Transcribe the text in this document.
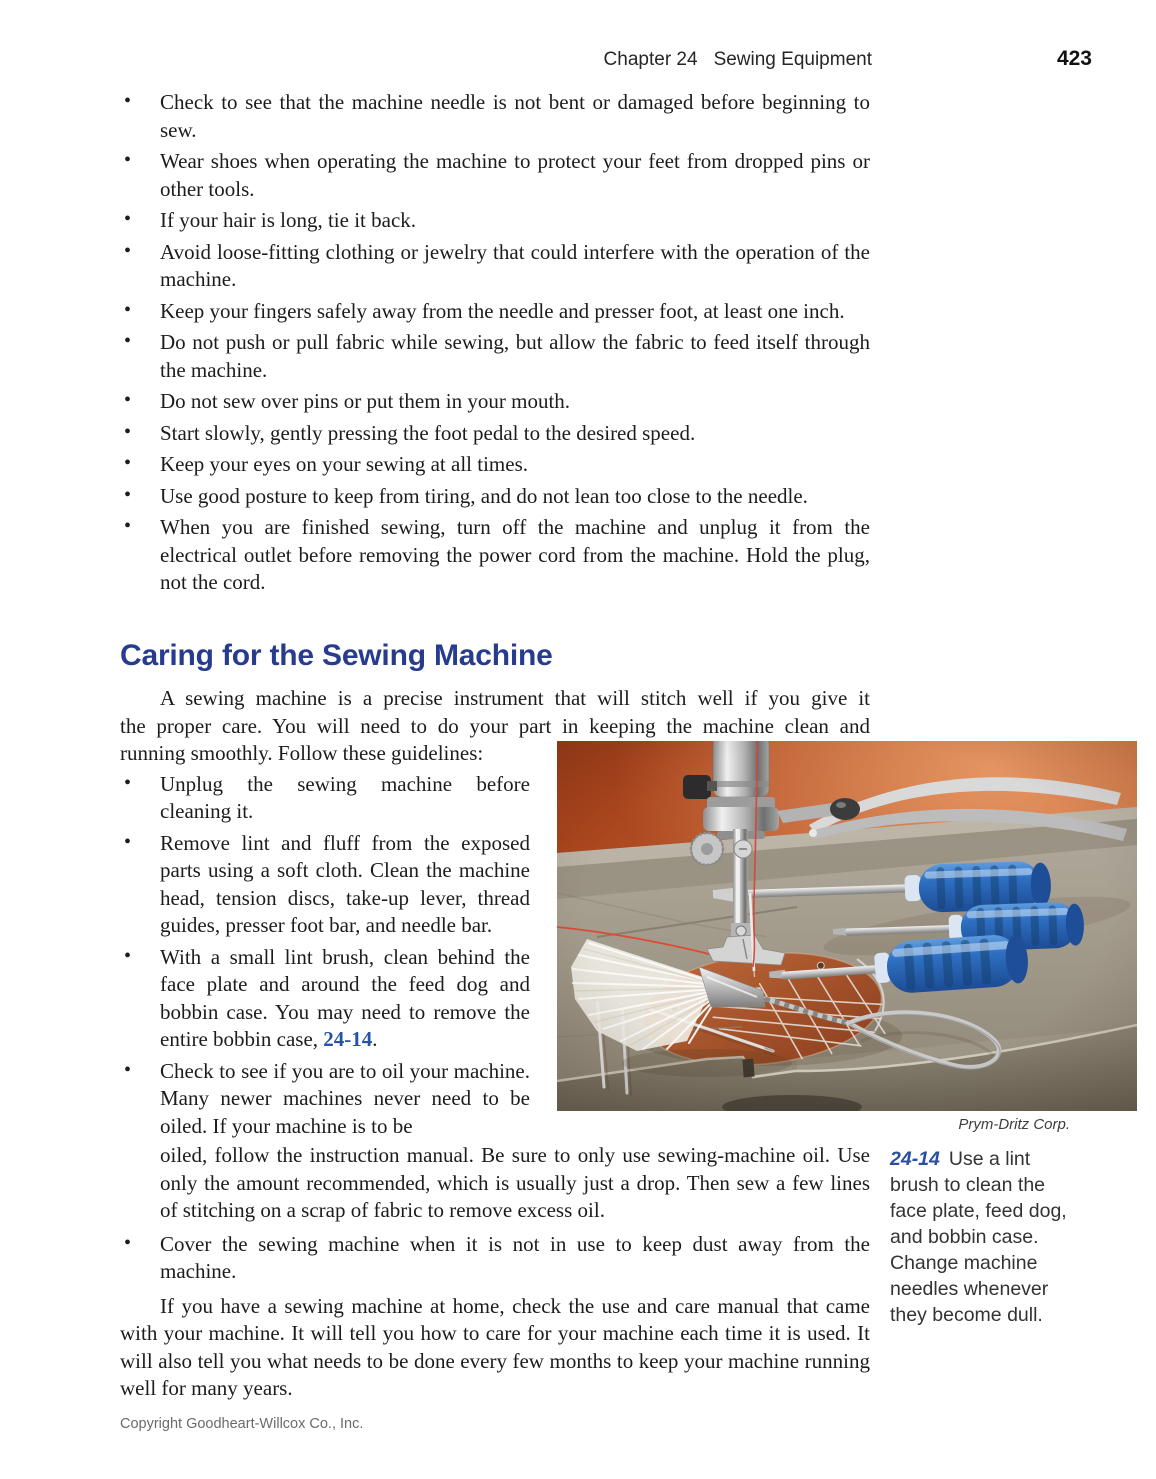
Chapter 24 Sewing Equipment	423
• Check to see that the machine needle is not bent or damaged before beginning to sew.
• Wear shoes when operating the machine to protect your feet from dropped pins or other tools.
• If your hair is long, tie it back.
• Avoid loose-fitting clothing or jewelry that could interfere with the operation of the machine.
• Keep your fingers safely away from the needle and presser foot, at least one inch.
• Do not push or pull fabric while sewing, but allow the fabric to feed itself through the machine.
• Do not sew over pins or put them in your mouth.
• Start slowly, gently pressing the foot pedal to the desired speed.
• Keep your eyes on your sewing at all times.
• Use good posture to keep from tiring, and do not lean too close to the needle.
• When you are finished sewing, turn off the machine and unplug it from the electrical outlet before removing the power cord from the machine. Hold the plug, not the cord.
Caring for the Sewing Machine
A sewing machine is a precise instrument that will stitch well if you give it
the proper care. You will need to do your part in keeping the machine clean and
running smoothly. Follow these guidelines:
• Unplug the sewing machine before cleaning it.
• Remove lint and fluff from the exposed parts using a soft cloth. Clean the machine head, tension discs, take-up lever, thread guides, presser foot bar, and needle bar.
• With a small lint brush, clean behind the face plate and around the feed dog and bobbin case. You may need to remove the entire bobbin case, 24-14.
• Check to see if you are to oil your machine. Many newer machines never need to be oiled. If your machine is to be
oiled, follow the instruction manual. Be sure to only use sewing-machine oil. Use only the amount recommended, which is usually just a drop. Then sew a few lines of stitching on a scrap of fabric to remove excess oil.
• Cover the sewing machine when it is not in use to keep dust away from the machine.

If you have a sewing machine at home, check the use and care manual that came with your machine. It will tell you how to care for your machine each time it is used. It will also tell you what needs to be done every few months to keep your machine running well for many years.

Copyright Goodheart-Willcox Co., Inc.
Prym-Dritz Corp.
24-14 Use a lint brush to clean the face plate, feed dog, and bobbin case. Change machine needles whenever they become dull.
